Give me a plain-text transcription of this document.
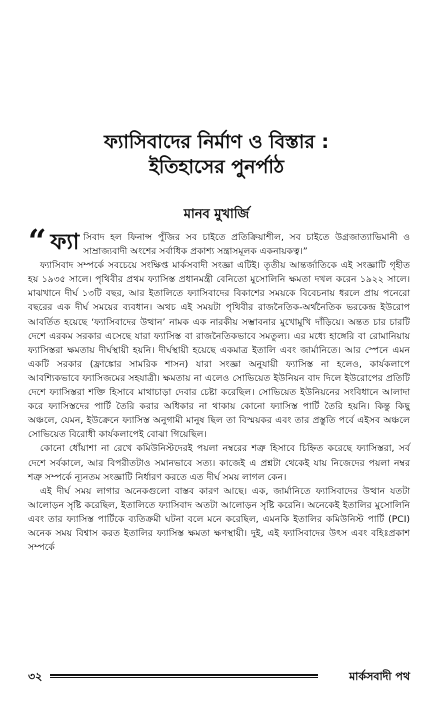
ফ্যাসিবাদের নির্মাণ ও বিস্তার :
ইতিহাসের পুনর্পাঠ
মানব মুখার্জি

“ ফ্যা সিবাদ হল ফিনান্স পুঁজির সব চাইতে প্রতিক্রিয়াশীল, সব চাইতে উগ্রজাত্যাভিমানী ও সাম্রাজ্যবাদী অংশের সর্বাধিক প্রকাশ্য সন্ত্রাসমূলক একনায়কত্ব।”

ফ্যাসিবাদ সম্পর্কে সবচেয়ে সংক্ষিপ্ত মার্কসবাদী সংজ্ঞা এটিই। তৃতীয় আন্তর্জাতিকে এই সংজ্ঞাটি গৃহীত হয় ১৯৩৫ সালে। পৃথিবীর প্রথম ফ্যাসিস্ত প্রধানমন্ত্রী বেনিতো মুসোলিনি ক্ষমতা দখল করেন ১৯২২ সালে। মাঝখানে দীর্ঘ ১৩টি বছর, আর ইতালিতে ফ্যাসিবাদের বিকাশের সময়কে বিবেচনায় ধরলে প্রায় পনেরো বছরের এক দীর্ঘ সময়ের ব্যবধান। অথচ এই সময়টা পৃথিবীর রাজনৈতিক-অর্থনৈতিক ভরকেন্দ্র ইউরোপ আবর্তিত হয়েছে ‘ফ্যাসিবাদের উত্থান’ নামক এক নারকীয় সম্ভাবনার মুখোমুখি দাঁড়িয়ে। অন্তত চার চারটি দেশে এরকম সরকার এসেছে যারা ফ্যাসিস্ত বা রাজনৈতিকভাবে সমতুল্য। এর মধ্যে হাঙ্গেরি বা রোমানিয়ায় ফ্যাসিস্তরা ক্ষমতায় দীর্ঘস্থায়ী হয়নি। দীর্ঘস্থায়ী হয়েছে একমাত্র ইতালি এবং জার্মানিতে। আর স্পেনে এমন একটি সরকার (ফ্রাঙ্কোর সামরিক শাসন) যারা সংজ্ঞা অনুযায়ী ফ্যাসিস্ত না হলেও, কার্যকলাপে আবশ্যিকভাবে ফ্যাসিজমের সহযাত্রী। ক্ষমতায় না এলেও সোভিয়েত ইউনিয়ন বাদ দিলে ইউরোপের প্রতিটি দেশে ফ্যাসিস্তরা শক্তি হিসাবে মাথাচাড়া দেবার চেষ্টা করেছিল। সোভিয়েত ইউনিয়নের সংবিধানে আলাদা করে ফ্যাসিস্তদের পার্টি তৈরি করার অধিকার না থাকায় কোনো ফ্যাসিস্ত পার্টি তৈরি হয়নি। কিন্তু কিছু অঞ্চলে, যেমন, ইউক্রেনে ফ্যাসিস্ত অনুগামী মানুষ ছিল তা বিস্ময়কর এবং তার প্রস্তুতি পর্বে এইসব অঞ্চলে সোভিয়েত বিরোধী কার্যকলাপেই বোঝা গিয়েছিল।

কোনো ধোঁয়াশা না রেখে কমিউনিস্টদেরই পয়লা নম্বরের শত্রু হিসাবে চিহ্নিত করেছে ফ্যাসিস্তরা, সর্ব দেশে সর্বকালে, আর বিপরীতটাও সমানভাবে সত্য। কাজেই এ প্রশ্নটা থেকেই যায় নিজেদের পয়লা নম্বর শত্রু সম্পর্কে ন্যূনতম সংজ্ঞাটি নির্ধারণ করতে এত দীর্ঘ সময় লাগল কেন।

এই দীর্ঘ সময় লাগার অনেকগুলো বাস্তব কারণ আছে। এক, জার্মানিতে ফ্যাসিবাদের উত্থান যতটা আলোড়ন সৃষ্টি করেছিল, ইতালিতে ফ্যাসিবাদ অতটা আলোড়ন সৃষ্টি করেনি। অনেকেই ইতালির মুসোলিনি এবং তার ফ্যাসিস্ত পার্টিকে ব্যতিক্রমী ঘটনা বলে মনে করেছিল, এমনকি ইতালির কমিউনিস্ট পার্টি (PCI) অনেক সময় বিশ্বাস করত ইতালির ফ্যাসিস্ত ক্ষমতা ক্ষণস্থায়ী। দুই, এই ফ্যাসিবাদের উৎস এবং বহিঃপ্রকাশ সম্পর্কে

৩২	মার্কসবাদী পথ
